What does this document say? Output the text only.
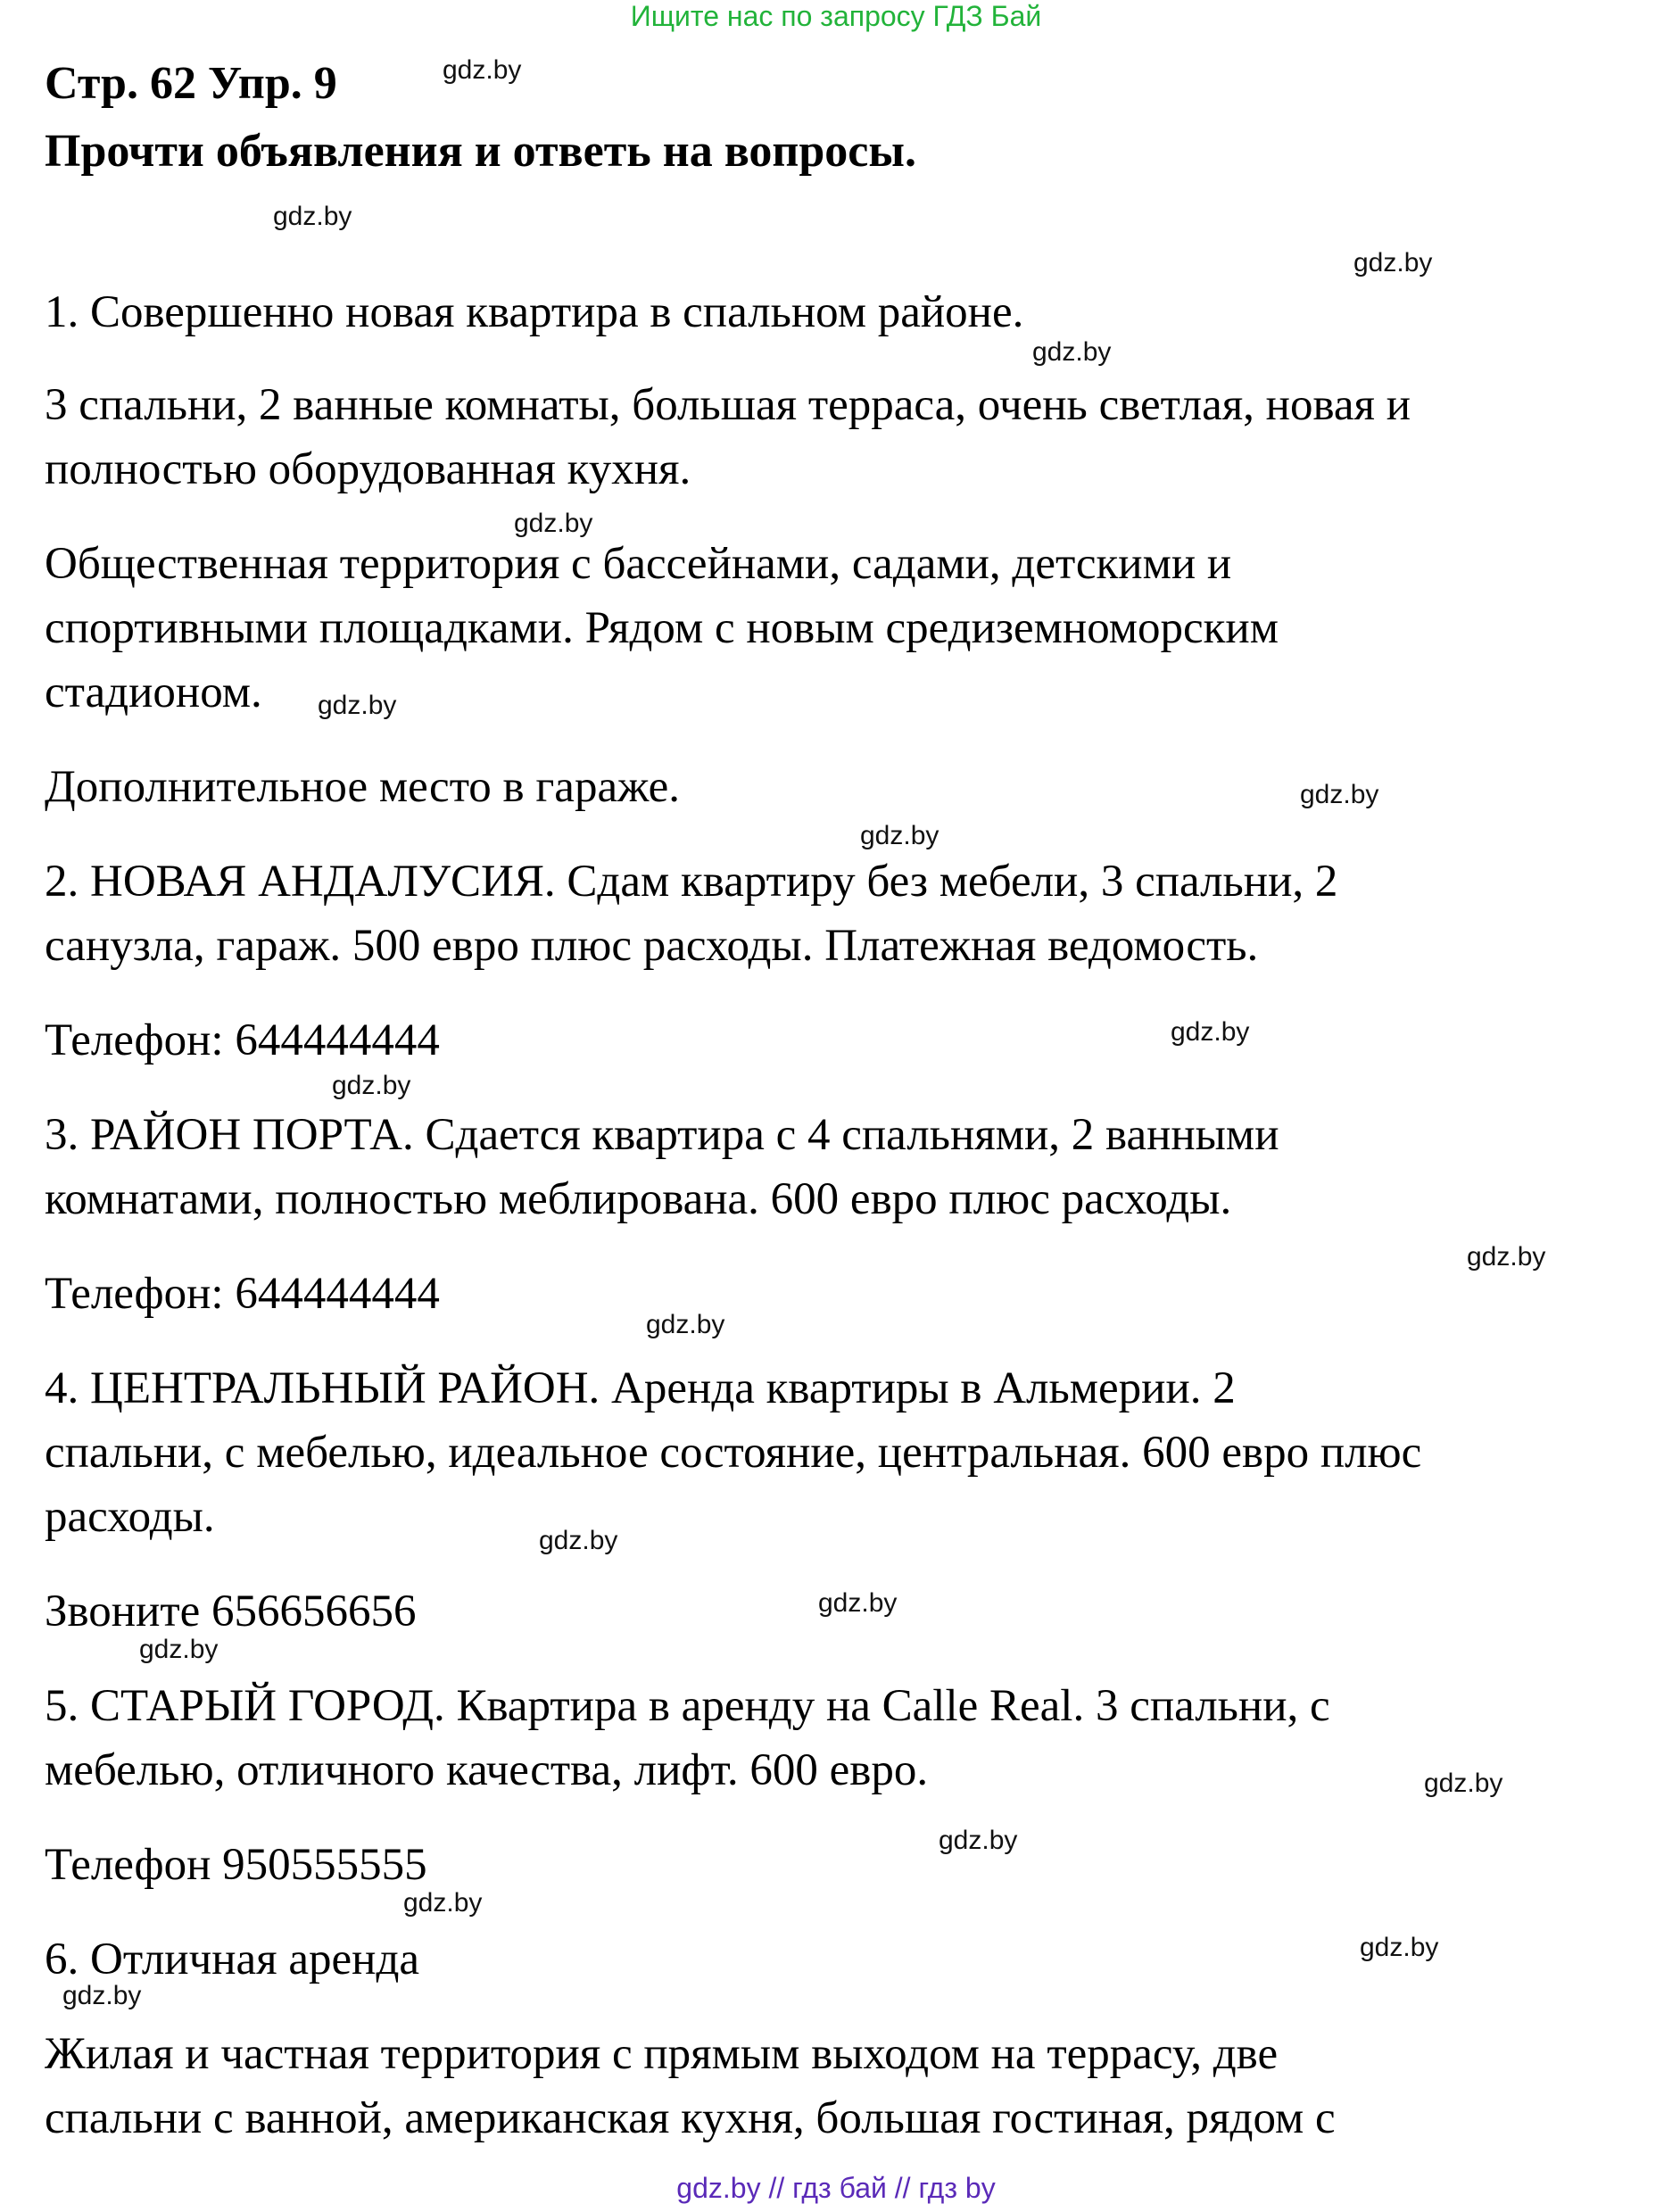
Ищите нас по запросу ГДЗ Бай
Стр. 62 Упр. 9
Прочти объявления и ответь на вопросы.
1. Совершенно новая квартира в спальном районе.
3 спальни, 2 ванные комнаты, большая терраса, очень светлая, новая и
полностью оборудованная кухня.
Общественная территория с бассейнами, садами, детскими и
спортивными площадками. Рядом с новым средиземноморским
стадионом.
Дополнительное место в гараже.
2. НОВАЯ АНДАЛУСИЯ. Сдам квартиру без мебели, 3 спальни, 2
санузла, гараж. 500 евро плюс расходы. Платежная ведомость.
Телефон: 644444444
3. РАЙОН ПОРТА. Сдается квартира с 4 спальнями, 2 ванными
комнатами, полностью меблирована. 600 евро плюс расходы.
Телефон: 644444444
4. ЦЕНТРАЛЬНЫЙ РАЙОН. Аренда квартиры в Альмерии. 2
спальни, с мебелью, идеальное состояние, центральная. 600 евро плюс
расходы.
Звоните 656656656
5. СТАРЫЙ ГОРОД. Квартира в аренду на Calle Real. 3 спальни, с
мебелью, отличного качества, лифт. 600 евро.
Телефон 950555555
6. Отличная аренда
Жилая и частная территория с прямым выходом на террасу, две
спальни с ванной, американская кухня, большая гостиная, рядом с
gdz.by
gdz.by
gdz.by
gdz.by
gdz.by
gdz.by
gdz.by
gdz.by
gdz.by
gdz.by
gdz.by
gdz.by
gdz.by
gdz.by
gdz.by
gdz.by
gdz.by
gdz.by
gdz.by
gdz.by
gdz.by // гдз бай // гдз by
